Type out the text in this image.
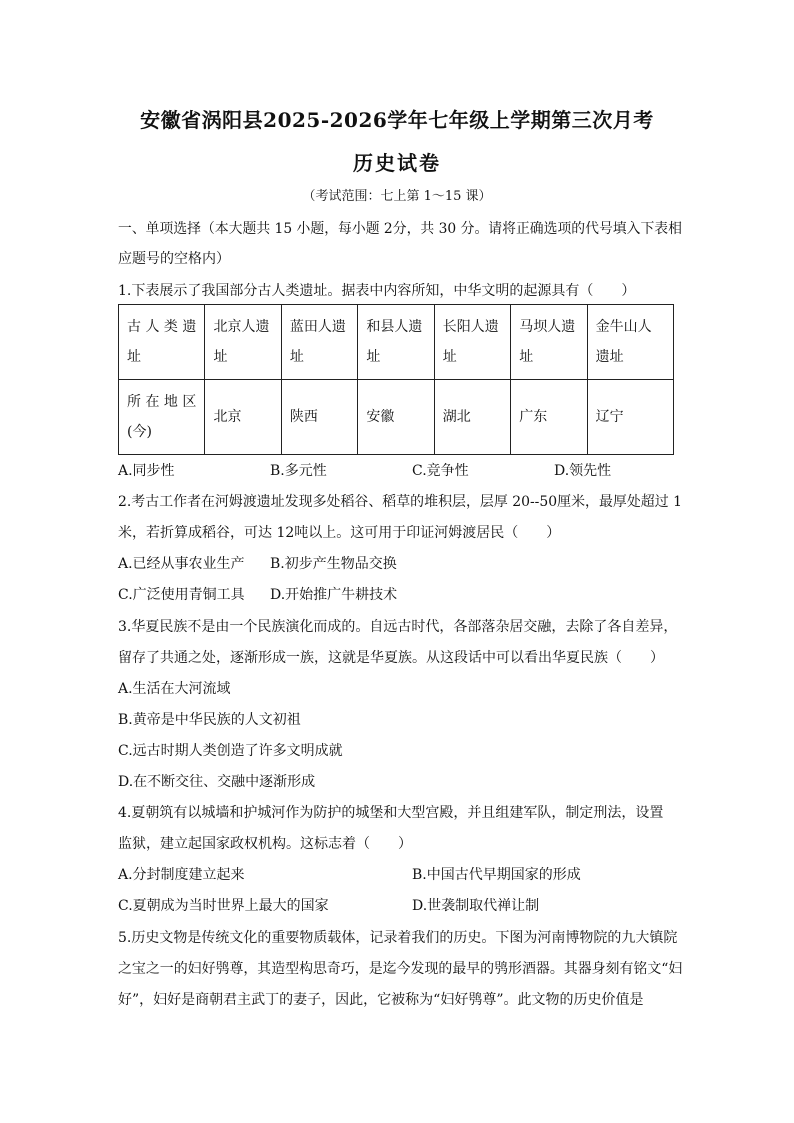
安徽省涡阳县2025-2026学年七年级上学期第三次月考
历史试卷
（考试范围：七上第 1～15 课）
一、单项选择（本大题共 15 小题，每小题 2分，共 30 分。请将正确选项的代号填入下表相
应题号的空格内）
1.下表展示了我国部分古人类遗址。据表中内容所知，中华文明的起源具有（　　）
古 人 类 遗 址	北京人遗址	蓝田人遗址	和县人遗址	长阳人遗址	马坝人遗址	金牛山人遗址
所 在 地 区(今)	北京	陕西	安徽	湖北	广东	辽宁
A.同步性	B.多元性	C.竞争性	D.领先性
2.考古工作者在河姆渡遗址发现多处稻谷、稻草的堆积层，层厚 20--50厘米，最厚处超过 1
米，若折算成稻谷，可达 12吨以上。这可用于印证河姆渡居民（　　）
A.已经从事农业生产 B.初步产生物品交换
C.广泛使用青铜工具 D.开始推广牛耕技术
3.华夏民族不是由一个民族演化而成的。自远古时代，各部落杂居交融，去除了各自差异，
留存了共通之处，逐渐形成一族，这就是华夏族。从这段话中可以看出华夏民族（　　）
A.生活在大河流域
B.黄帝是中华民族的人文初祖
C.远古时期人类创造了许多文明成就
D.在不断交往、交融中逐渐形成
4.夏朝筑有以城墙和护城河作为防护的城堡和大型宫殿，并且组建军队，制定刑法，设置
监狱，建立起国家政权机构。这标志着（　　）
A.分封制度建立起来	B.中国古代早期国家的形成
C.夏朝成为当时世界上最大的国家	D.世袭制取代禅让制
5.历史文物是传统文化的重要物质载体，记录着我们的历史。下图为河南博物院的九大镇院
之宝之一的妇好鸮尊，其造型构思奇巧，是迄今发现的最早的鸮形酒器。其器身刻有铭文“妇
好”，妇好是商朝君主武丁的妻子，因此，它被称为“妇好鸮尊”。此文物的历史价值是
